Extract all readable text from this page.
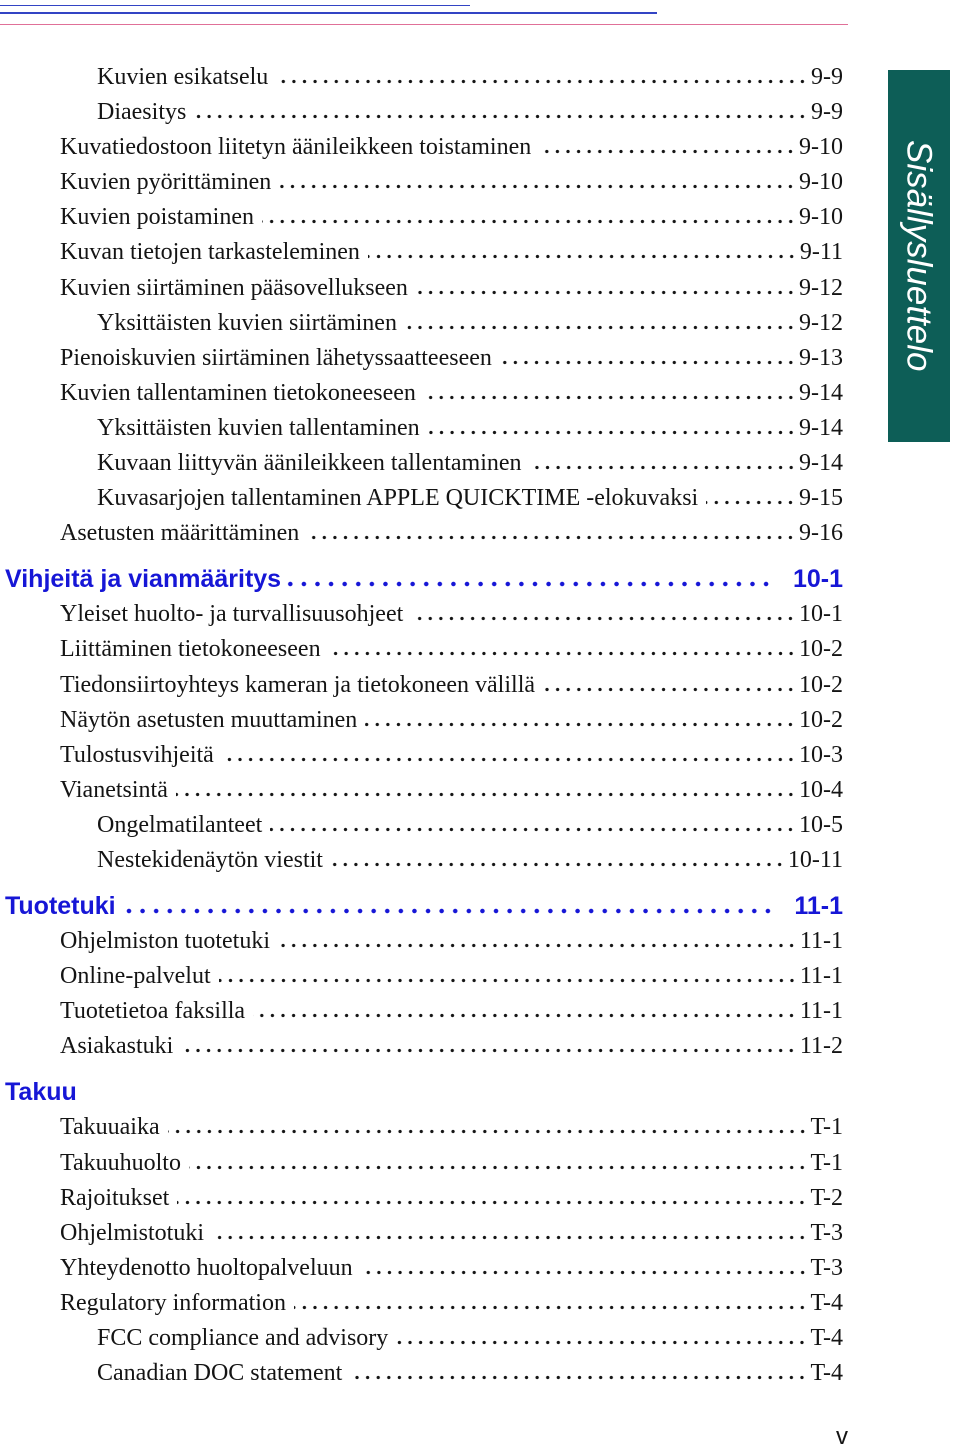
Kuvien esikatselu	9-9
Diaesitys	9-9
Kuvatiedostoon liitetyn äänileikkeen toistaminen	9-10
Kuvien pyörittäminen	9-10
Kuvien poistaminen	9-10
Kuvan tietojen tarkasteleminen	9-11
Kuvien siirtäminen pääsovellukseen	9-12
Yksittäisten kuvien siirtäminen	9-12
Pienoiskuvien siirtäminen lähetyssaatteeseen	9-13
Kuvien tallentaminen tietokoneeseen	9-14
Yksittäisten kuvien tallentaminen	9-14
Kuvaan liittyvän äänileikkeen tallentaminen	9-14
Kuvasarjojen tallentaminen APPLE QUICKTIME -elokuvaksi	9-15
Asetusten määrittäminen	9-16
Vihjeitä ja vianmääritys	10-1
Yleiset huolto- ja turvallisuusohjeet	10-1
Liittäminen tietokoneeseen	10-2
Tiedonsiirtoyhteys kameran ja tietokoneen välillä	10-2
Näytön asetusten muuttaminen	10-2
Tulostusvihjeitä	10-3
Vianetsintä	10-4
Ongelmatilanteet	10-5
Nestekidenäytön viestit	10-11
Tuotetuki	11-1
Ohjelmiston tuotetuki	11-1
Online-palvelut	11-1
Tuotetietoa faksilla	11-1
Asiakastuki	11-2
Takuu
Takuuaika	T-1
Takuuhuolto	T-1
Rajoitukset	T-2
Ohjelmistotuki	T-3
Yhteydenotto huoltopalveluun	T-3
Regulatory information	T-4
FCC compliance and advisory	T-4
Canadian DOC statement	T-4
Sisällysluettelo
v
